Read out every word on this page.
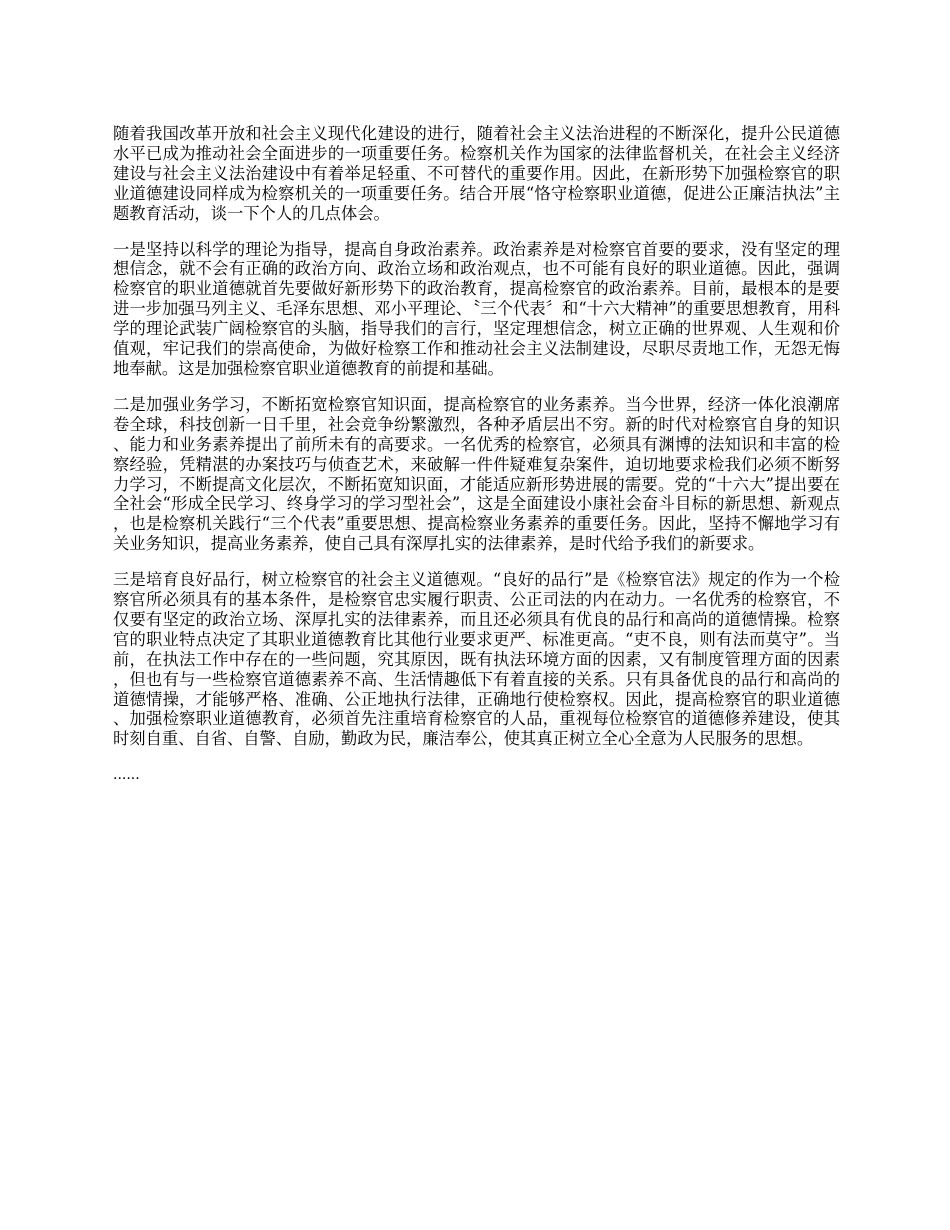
随着我国改革开放和社会主义现代化建设的进行，随着社会主义法治进程的不断深化，提升公民道德水平已成为推动社会全面进步的一项重要任务。检察机关作为国家的法律监督机关，在社会主义经济建设与社会主义法治建设中有着举足轻重、不可替代的重要作用。因此，在新形势下加强检察官的职业道德建设同样成为检察机关的一项重要任务。结合开展“恪守检察职业道德，促进公正廉洁执法”主题教育活动，谈一下个人的几点体会。

一是坚持以科学的理论为指导，提高自身政治素养。政治素养是对检察官首要的要求，没有坚定的理想信念，就不会有正确的政治方向、政治立场和政治观点，也不可能有良好的职业道德。因此，强调检察官的职业道德就首先要做好新形势下的政治教育，提高检察官的政治素养。目前，最根本的是要进一步加强马列主义、毛泽东思想、邓小平理论、〝三个代表〞和“十六大精神”的重要思想教育，用科学的理论武装广阔检察官的头脑，指导我们的言行，坚定理想信念，树立正确的世界观、人生观和价值观，牢记我们的崇高使命，为做好检察工作和推动社会主义法制建设，尽职尽责地工作，无怨无悔地奉献。这是加强检察官职业道德教育的前提和基础。

二是加强业务学习，不断拓宽检察官知识面，提高检察官的业务素养。当今世界，经济一体化浪潮席卷全球，科技创新一日千里，社会竞争纷繁激烈，各种矛盾层出不穷。新的时代对检察官自身的知识、能力和业务素养提出了前所未有的高要求。一名优秀的检察官，必须具有渊博的法知识和丰富的检察经验，凭精湛的办案技巧与侦查艺术，来破解一件件疑难复杂案件，迫切地要求检我们必须不断努力学习，不断提高文化层次，不断拓宽知识面，才能适应新形势进展的需要。党的“十六大”提出要在全社会“形成全民学习、终身学习的学习型社会”，这是全面建设小康社会奋斗目标的新思想、新观点，也是检察机关践行“三个代表”重要思想、提高检察业务素养的重要任务。因此，坚持不懈地学习有关业务知识，提高业务素养，使自己具有深厚扎实的法律素养，是时代给予我们的新要求。

三是培育良好品行，树立检察官的社会主义道德观。“良好的品行”是《检察官法》规定的作为一个检察官所必须具有的基本条件，是检察官忠实履行职责、公正司法的内在动力。一名优秀的检察官，不仅要有坚定的政治立场、深厚扎实的法律素养，而且还必须具有优良的品行和高尚的道德情操。检察官的职业特点决定了其职业道德教育比其他行业要求更严、标准更高。“吏不良，则有法而莫守”。当前，在执法工作中存在的一些问题，究其原因，既有执法环境方面的因素，又有制度管理方面的因素，但也有与一些检察官道德素养不高、生活情趣低下有着直接的关系。只有具备优良的品行和高尚的道德情操，才能够严格、准确、公正地执行法律，正确地行使检察权。因此，提高检察官的职业道德、加强检察职业道德教育，必须首先注重培育检察官的人品，重视每位检察官的道德修养建设，使其时刻自重、自省、自警、自励，勤政为民，廉洁奉公，使其真正树立全心全意为人民服务的思想。

......
